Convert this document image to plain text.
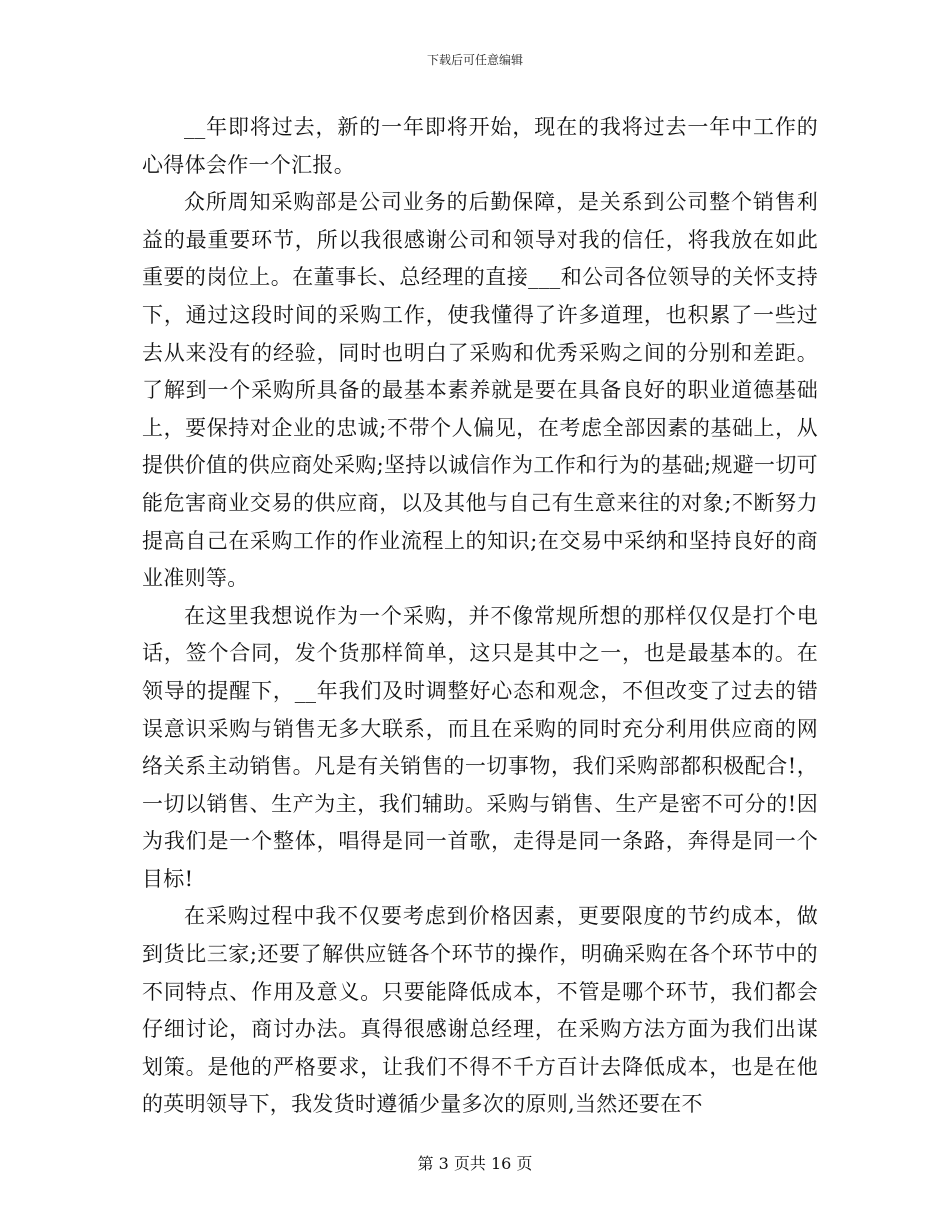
下载后可任意编辑

__年即将过去，新的一年即将开始，现在的我将过去一年中工作的心得体会作一个汇报。

众所周知采购部是公司业务的后勤保障，是关系到公司整个销售利益的最重要环节，所以我很感谢公司和领导对我的信任，将我放在如此重要的岗位上。在董事长、总经理的直接___和公司各位领导的关怀支持下，通过这段时间的采购工作，使我懂得了许多道理，也积累了一些过去从来没有的经验，同时也明白了采购和优秀采购之间的分别和差距。了解到一个采购所具备的最基本素养就是要在具备良好的职业道德基础上，要保持对企业的忠诚;不带个人偏见，在考虑全部因素的基础上，从提供价值的供应商处采购;坚持以诚信作为工作和行为的基础;规避一切可能危害商业交易的供应商，以及其他与自己有生意来往的对象;不断努力提高自己在采购工作的作业流程上的知识;在交易中采纳和坚持良好的商业准则等。

在这里我想说作为一个采购，并不像常规所想的那样仅仅是打个电话，签个合同，发个货那样简单，这只是其中之一，也是最基本的。在领导的提醒下，__年我们及时调整好心态和观念，不但改变了过去的错误意识采购与销售无多大联系，而且在采购的同时充分利用供应商的网络关系主动销售。凡是有关销售的一切事物，我们采购部都积极配合!，一切以销售、生产为主，我们辅助。采购与销售、生产是密不可分的!因为我们是一个整体，唱得是同一首歌，走得是同一条路，奔得是同一个目标!

在采购过程中我不仅要考虑到价格因素，更要限度的节约成本，做到货比三家;还要了解供应链各个环节的操作，明确采购在各个环节中的不同特点、作用及意义。只要能降低成本，不管是哪个环节，我们都会仔细讨论，商讨办法。真得很感谢总经理，在采购方法方面为我们出谋划策。是他的严格要求，让我们不得不千方百计去降低成本，也是在他的英明领导下，我发货时遵循少量多次的原则,当然还要在不

第 3 页共 16 页
